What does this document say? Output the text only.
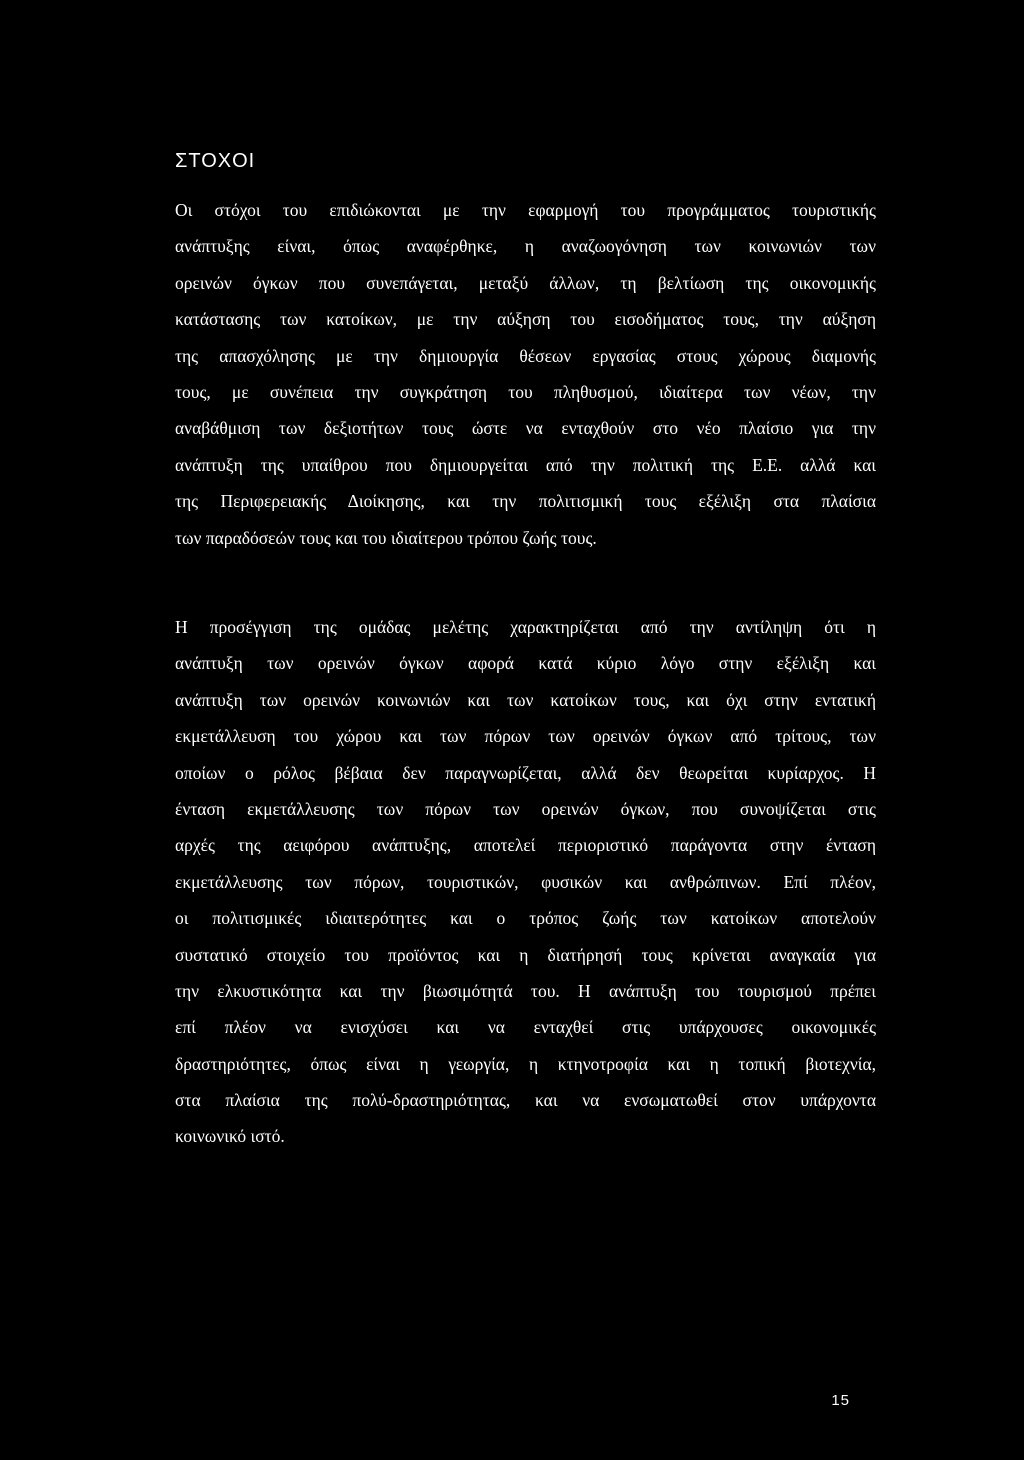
ΣΤΟΧΟΙ
Οι στόχοι του επιδιώκονται με την εφαρμογή του προγράμματος τουριστικής
ανάπτυξης είναι, όπως αναφέρθηκε, η αναζωογόνηση των κοινωνιών των
ορεινών όγκων που συνεπάγεται, μεταξύ άλλων, τη βελτίωση της οικονομικής
κατάστασης των κατοίκων, με την αύξηση του εισοδήματος τους, την αύξηση
της απασχόλησης με την δημιουργία θέσεων εργασίας στους χώρους διαμονής
τους, με συνέπεια την συγκράτηση του πληθυσμού, ιδιαίτερα των νέων, την
αναβάθμιση των δεξιοτήτων τους ώστε να ενταχθούν στο νέο πλαίσιο για την
ανάπτυξη της υπαίθρου που δημιουργείται από την πολιτική της Ε.Ε. αλλά και
της Περιφερειακής Διοίκησης, και την πολιτισμική τους εξέλιξη στα πλαίσια
των παραδόσεών τους και του ιδιαίτερου τρόπου ζωής τους.
Η προσέγγιση της ομάδας μελέτης χαρακτηρίζεται από την αντίληψη ότι η
ανάπτυξη των ορεινών όγκων αφορά κατά κύριο λόγο στην εξέλιξη και
ανάπτυξη των ορεινών κοινωνιών και των κατοίκων τους, και όχι στην εντατική
εκμετάλλευση του χώρου και των πόρων των ορεινών όγκων από τρίτους, των
οποίων ο ρόλος βέβαια δεν παραγνωρίζεται, αλλά δεν θεωρείται κυρίαρχος. Η
ένταση εκμετάλλευσης των πόρων των ορεινών όγκων, που συνοψίζεται στις
αρχές της αειφόρου ανάπτυξης, αποτελεί περιοριστικό παράγοντα στην ένταση
εκμετάλλευσης των πόρων, τουριστικών, φυσικών και ανθρώπινων. Επί πλέον,
οι πολιτισμικές ιδιαιτερότητες και ο τρόπος ζωής των κατοίκων αποτελούν
συστατικό στοιχείο του προϊόντος και η διατήρησή τους κρίνεται αναγκαία για
την ελκυστικότητα και την βιωσιμότητά του. Η ανάπτυξη του τουρισμού πρέπει
επί πλέον να ενισχύσει και να ενταχθεί στις υπάρχουσες οικονομικές
δραστηριότητες, όπως είναι η γεωργία, η κτηνοτροφία και η τοπική βιοτεχνία,
στα πλαίσια της πολύ-δραστηριότητας, και να ενσωματωθεί στον υπάρχοντα
κοινωνικό ιστό.
15
